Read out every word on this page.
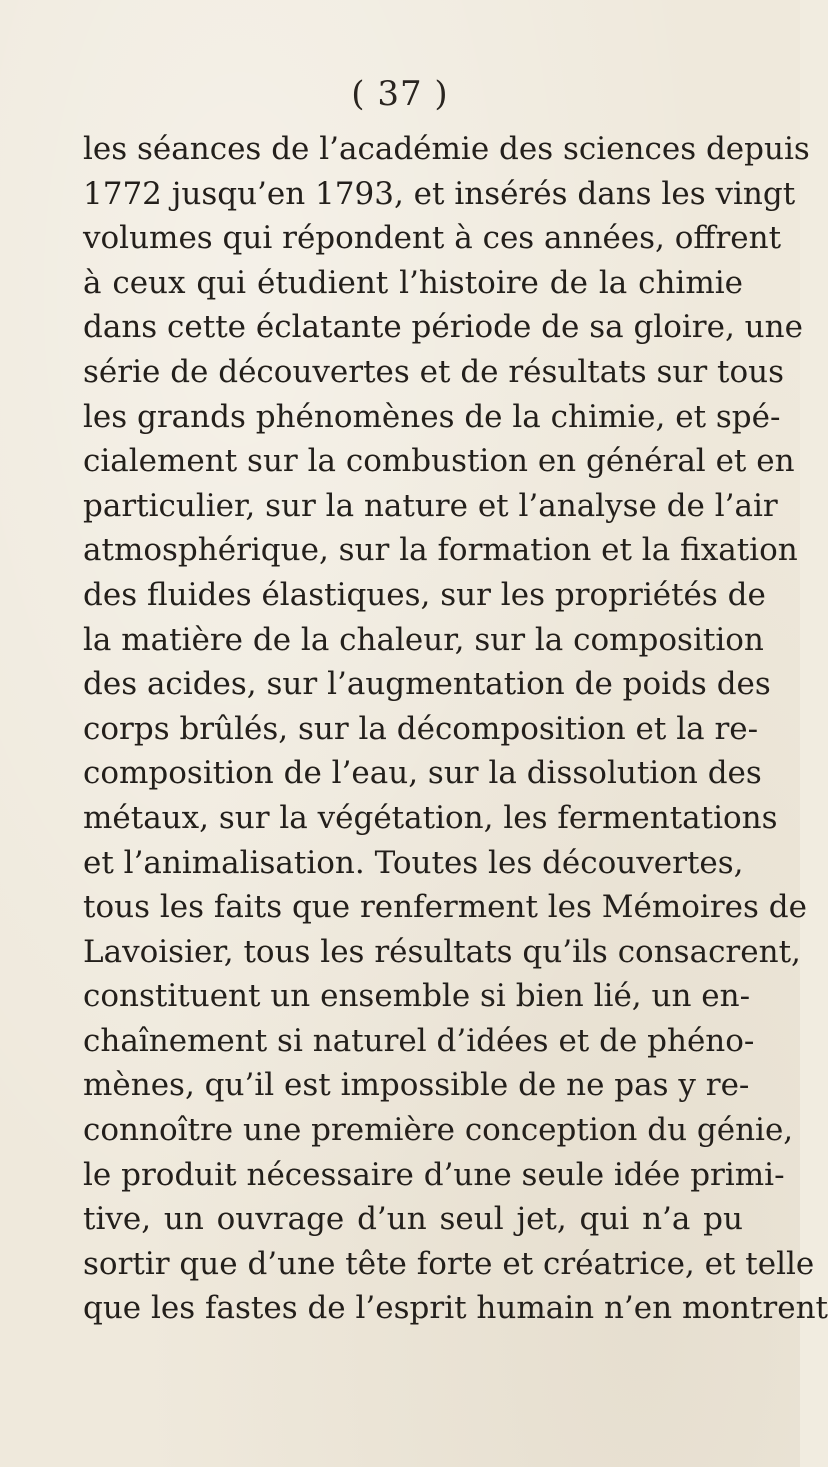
( 37 )
les séances de l’académie des sciences depuis
1772 jusqu’en 1793, et insérés dans les vingt
volumes qui répondent à ces années, offrent
à ceux qui étudient l’histoire de la chimie
dans cette éclatante période de sa gloire, une
série de découvertes et de résultats sur tous
les grands phénomènes de la chimie, et spé-
cialement sur la combustion en général et en
particulier, sur la nature et l’analyse de l’air
atmosphérique, sur la formation et la fixation
des fluides élastiques, sur les propriétés de
la matière de la chaleur, sur la composition
des acides, sur l’augmentation de poids des
corps brûlés, sur la décomposition et la re-
composition de l’eau, sur la dissolution des
métaux, sur la végétation, les fermentations
et l’animalisation. Toutes les découvertes,
tous les faits que renferment les Mémoires de
Lavoisier, tous les résultats qu’ils consacrent,
constituent un ensemble si bien lié, un en-
chaînement si naturel d’idées et de phéno-
mènes, qu’il est impossible de ne pas y re-
connoître une première conception du génie,
le produit nécessaire d’une seule idée primi-
tive, un ouvrage d’un seul jet, qui n’a pu
sortir que d’une tête forte et créatrice, et telle
que les fastes de l’esprit humain n’en montrent
